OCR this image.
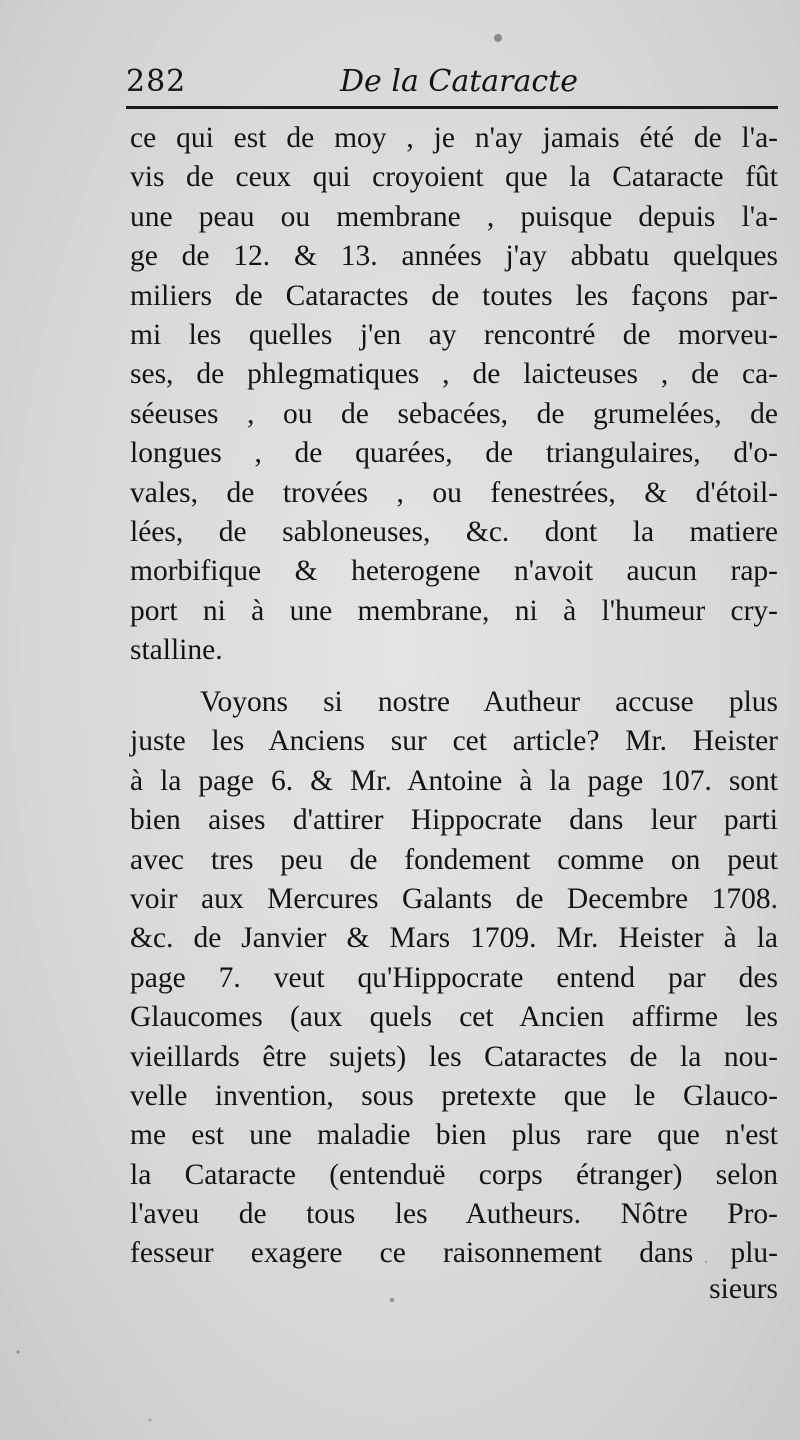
282	De la Cataracte
ce qui est de moy , je n'ay jamais été de l'a-
vis de ceux qui croyoient que la Cataracte fût
une peau ou membrane , puisque depuis l'a-
ge de 12. & 13. années j'ay abbatu quelques
miliers de Cataractes de toutes les façons par-
mi les quelles j'en ay rencontré de morveu-
ses, de phlegmatiques , de laicteuses , de ca-
séeuses , ou de sebacées, de grumelées, de
longues , de quarées, de triangulaires, d'o-
vales, de trovées , ou fenestrées, & d'étoil-
lées, de sabloneuses, &c. dont la matiere
morbifique & heterogene n'avoit aucun rap-
port ni à une membrane, ni à l'humeur cry-
stalline.
Voyons si nostre Autheur accuse plus
juste les Anciens sur cet article? Mr. Heister
à la page 6. & Mr. Antoine à la page 107. sont
bien aises d'attirer Hippocrate dans leur parti
avec tres peu de fondement comme on peut
voir aux Mercures Galants de Decembre 1708.
&c. de Janvier & Mars 1709. Mr. Heister à la
page 7. veut qu'Hippocrate entend par des
Glaucomes (aux quels cet Ancien affirme les
vieillards être sujets) les Cataractes de la nou-
velle invention, sous pretexte que le Glauco-
me est une maladie bien plus rare que n'est
la Cataracte (entenduë corps étranger) selon
l'aveu de tous les Autheurs. Nôtre Pro-
fesseur exagere ce raisonnement dans plu-
sieurs
